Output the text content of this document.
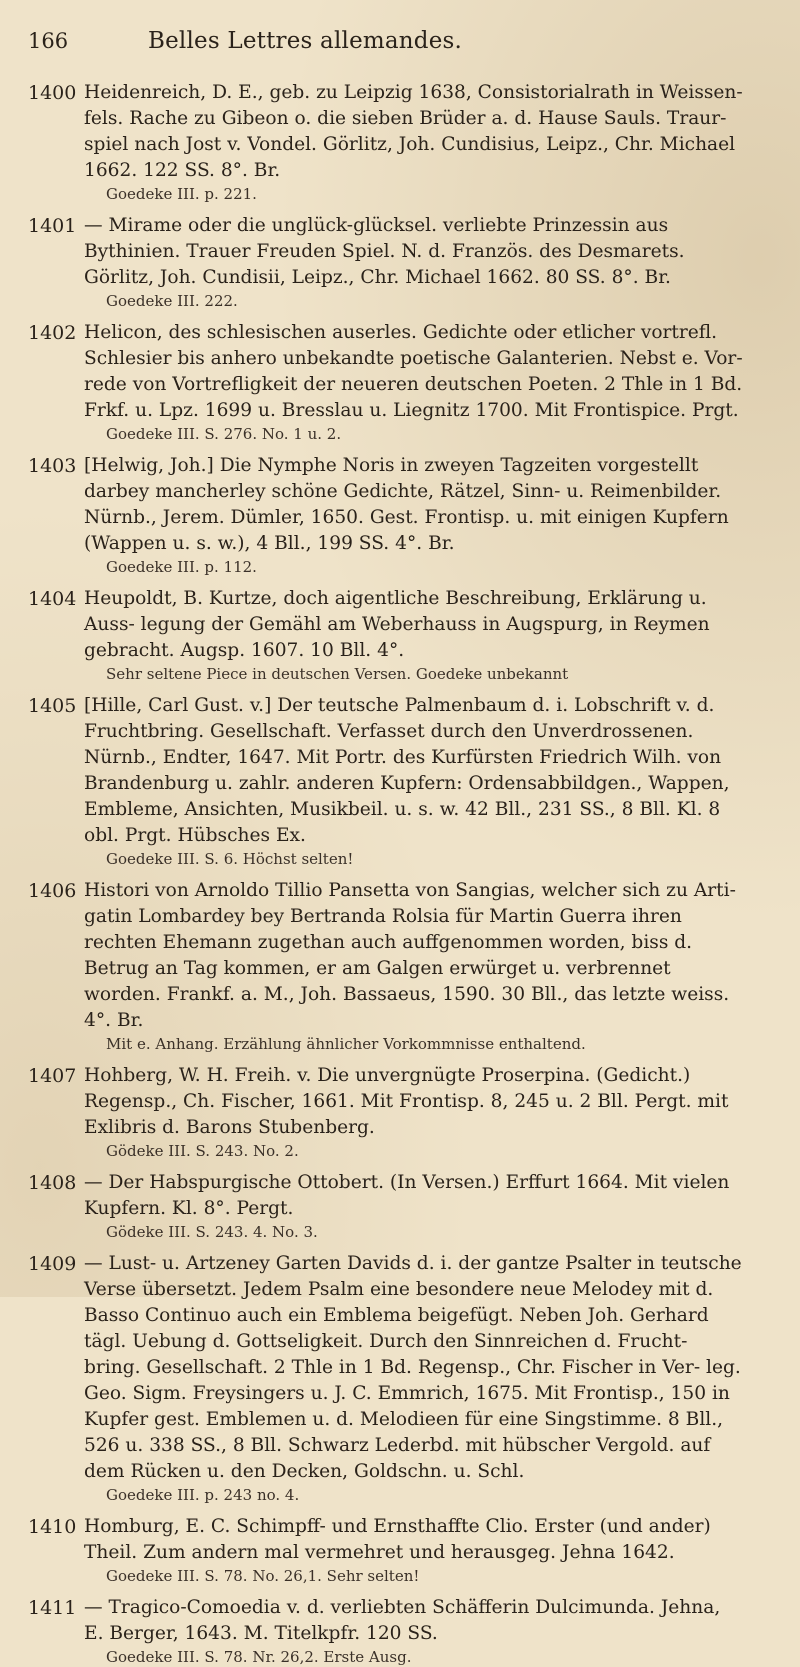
166	Belles Lettres allemandes.
1400 Heidenreich, D. E., geb. zu Leipzig 1638, Consistorialrath in Weissen- fels. Rache zu Gibeon o. die sieben Brüder a. d. Hause Sauls. Traur- spiel nach Jost v. Vondel. Görlitz, Joh. Cundisius, Leipz., Chr. Michael 1662. 122 SS. 8°. Br.
Goedeke III. p. 221.
1401 — Mirame oder die unglück-glücksel. verliebte Prinzessin aus Bythinien. Trauer Freuden Spiel. N. d. Französ. des Desmarets. Görlitz, Joh. Cundisii, Leipz., Chr. Michael 1662. 80 SS. 8°. Br.
Goedeke III. 222.
1402 Helicon, des schlesischen auserles. Gedichte oder etlicher vortrefl. Schlesier bis anhero unbekandte poetische Galanterien. Nebst e. Vor- rede von Vortrefligkeit der neueren deutschen Poeten. 2 Thle in 1 Bd. Frkf. u. Lpz. 1699 u. Bresslau u. Liegnitz 1700. Mit Frontispice. Prgt.
Goedeke III. S. 276. No. 1 u. 2.
1403 [Helwig, Joh.] Die Nymphe Noris in zweyen Tagzeiten vorgestellt darbey mancherley schöne Gedichte, Rätzel, Sinn- u. Reimenbilder. Nürnb., Jerem. Dümler, 1650. Gest. Frontisp. u. mit einigen Kupfern (Wappen u. s. w.), 4 Bll., 199 SS. 4°. Br.
Goedeke III. p. 112.
1404 Heupoldt, B. Kurtze, doch aigentliche Beschreibung, Erklärung u. Auss- legung der Gemähl am Weberhauss in Augspurg, in Reymen gebracht. Augsp. 1607. 10 Bll. 4°.
Sehr seltene Piece in deutschen Versen. Goedeke unbekannt
1405 [Hille, Carl Gust. v.] Der teutsche Palmenbaum d. i. Lobschrift v. d. Fruchtbring. Gesellschaft. Verfasset durch den Unverdrossenen. Nürnb., Endter, 1647. Mit Portr. des Kurfürsten Friedrich Wilh. von Brandenburg u. zahlr. anderen Kupfern: Ordensabbildgen., Wappen, Embleme, Ansichten, Musikbeil. u. s. w. 42 Bll., 231 SS., 8 Bll. Kl. 8 obl. Prgt. Hübsches Ex.
Goedeke III. S. 6. Höchst selten!
1406 Histori von Arnoldo Tillio Pansetta von Sangias, welcher sich zu Arti- gatin Lombardey bey Bertranda Rolsia für Martin Guerra ihren rechten Ehemann zugethan auch auffgenommen worden, biss d. Betrug an Tag kommen, er am Galgen erwürget u. verbrennet worden. Frankf. a. M., Joh. Bassaeus, 1590. 30 Bll., das letzte weiss. 4°. Br.
Mit e. Anhang. Erzählung ähnlicher Vorkommnisse enthaltend.
1407 Hohberg, W. H. Freih. v. Die unvergnügte Proserpina. (Gedicht.) Regensp., Ch. Fischer, 1661. Mit Frontisp. 8, 245 u. 2 Bll. Pergt. mit Exlibris d. Barons Stubenberg.
Gödeke III. S. 243. No. 2.
1408 — Der Habspurgische Ottobert. (In Versen.) Erffurt 1664. Mit vielen Kupfern. Kl. 8°. Pergt.
Gödeke III. S. 243. 4. No. 3.
1409 — Lust- u. Artzeney Garten Davids d. i. der gantze Psalter in teutsche Verse übersetzt. Jedem Psalm eine besondere neue Melodey mit d. Basso Continuo auch ein Emblema beigefügt. Neben Joh. Gerhard tägl. Uebung d. Gottseligkeit. Durch den Sinnreichen d. Frucht- bring. Gesellschaft. 2 Thle in 1 Bd. Regensp., Chr. Fischer in Ver- leg. Geo. Sigm. Freysingers u. J. C. Emmrich, 1675. Mit Frontisp., 150 in Kupfer gest. Emblemen u. d. Melodieen für eine Singstimme. 8 Bll., 526 u. 338 SS., 8 Bll. Schwarz Lederbd. mit hübscher Vergold. auf dem Rücken u. den Decken, Goldschn. u. Schl.
Goedeke III. p. 243 no. 4.
1410 Homburg, E. C. Schimpff- und Ernsthaffte Clio. Erster (und ander) Theil. Zum andern mal vermehret und herausgeg. Jehna 1642.
Goedeke III. S. 78. No. 26,1. Sehr selten!
1411 — Tragico-Comoedia v. d. verliebten Schäfferin Dulcimunda. Jehna, E. Berger, 1643. M. Titelkpfr. 120 SS.
Goedeke III. S. 78. Nr. 26,2. Erste Ausg.
